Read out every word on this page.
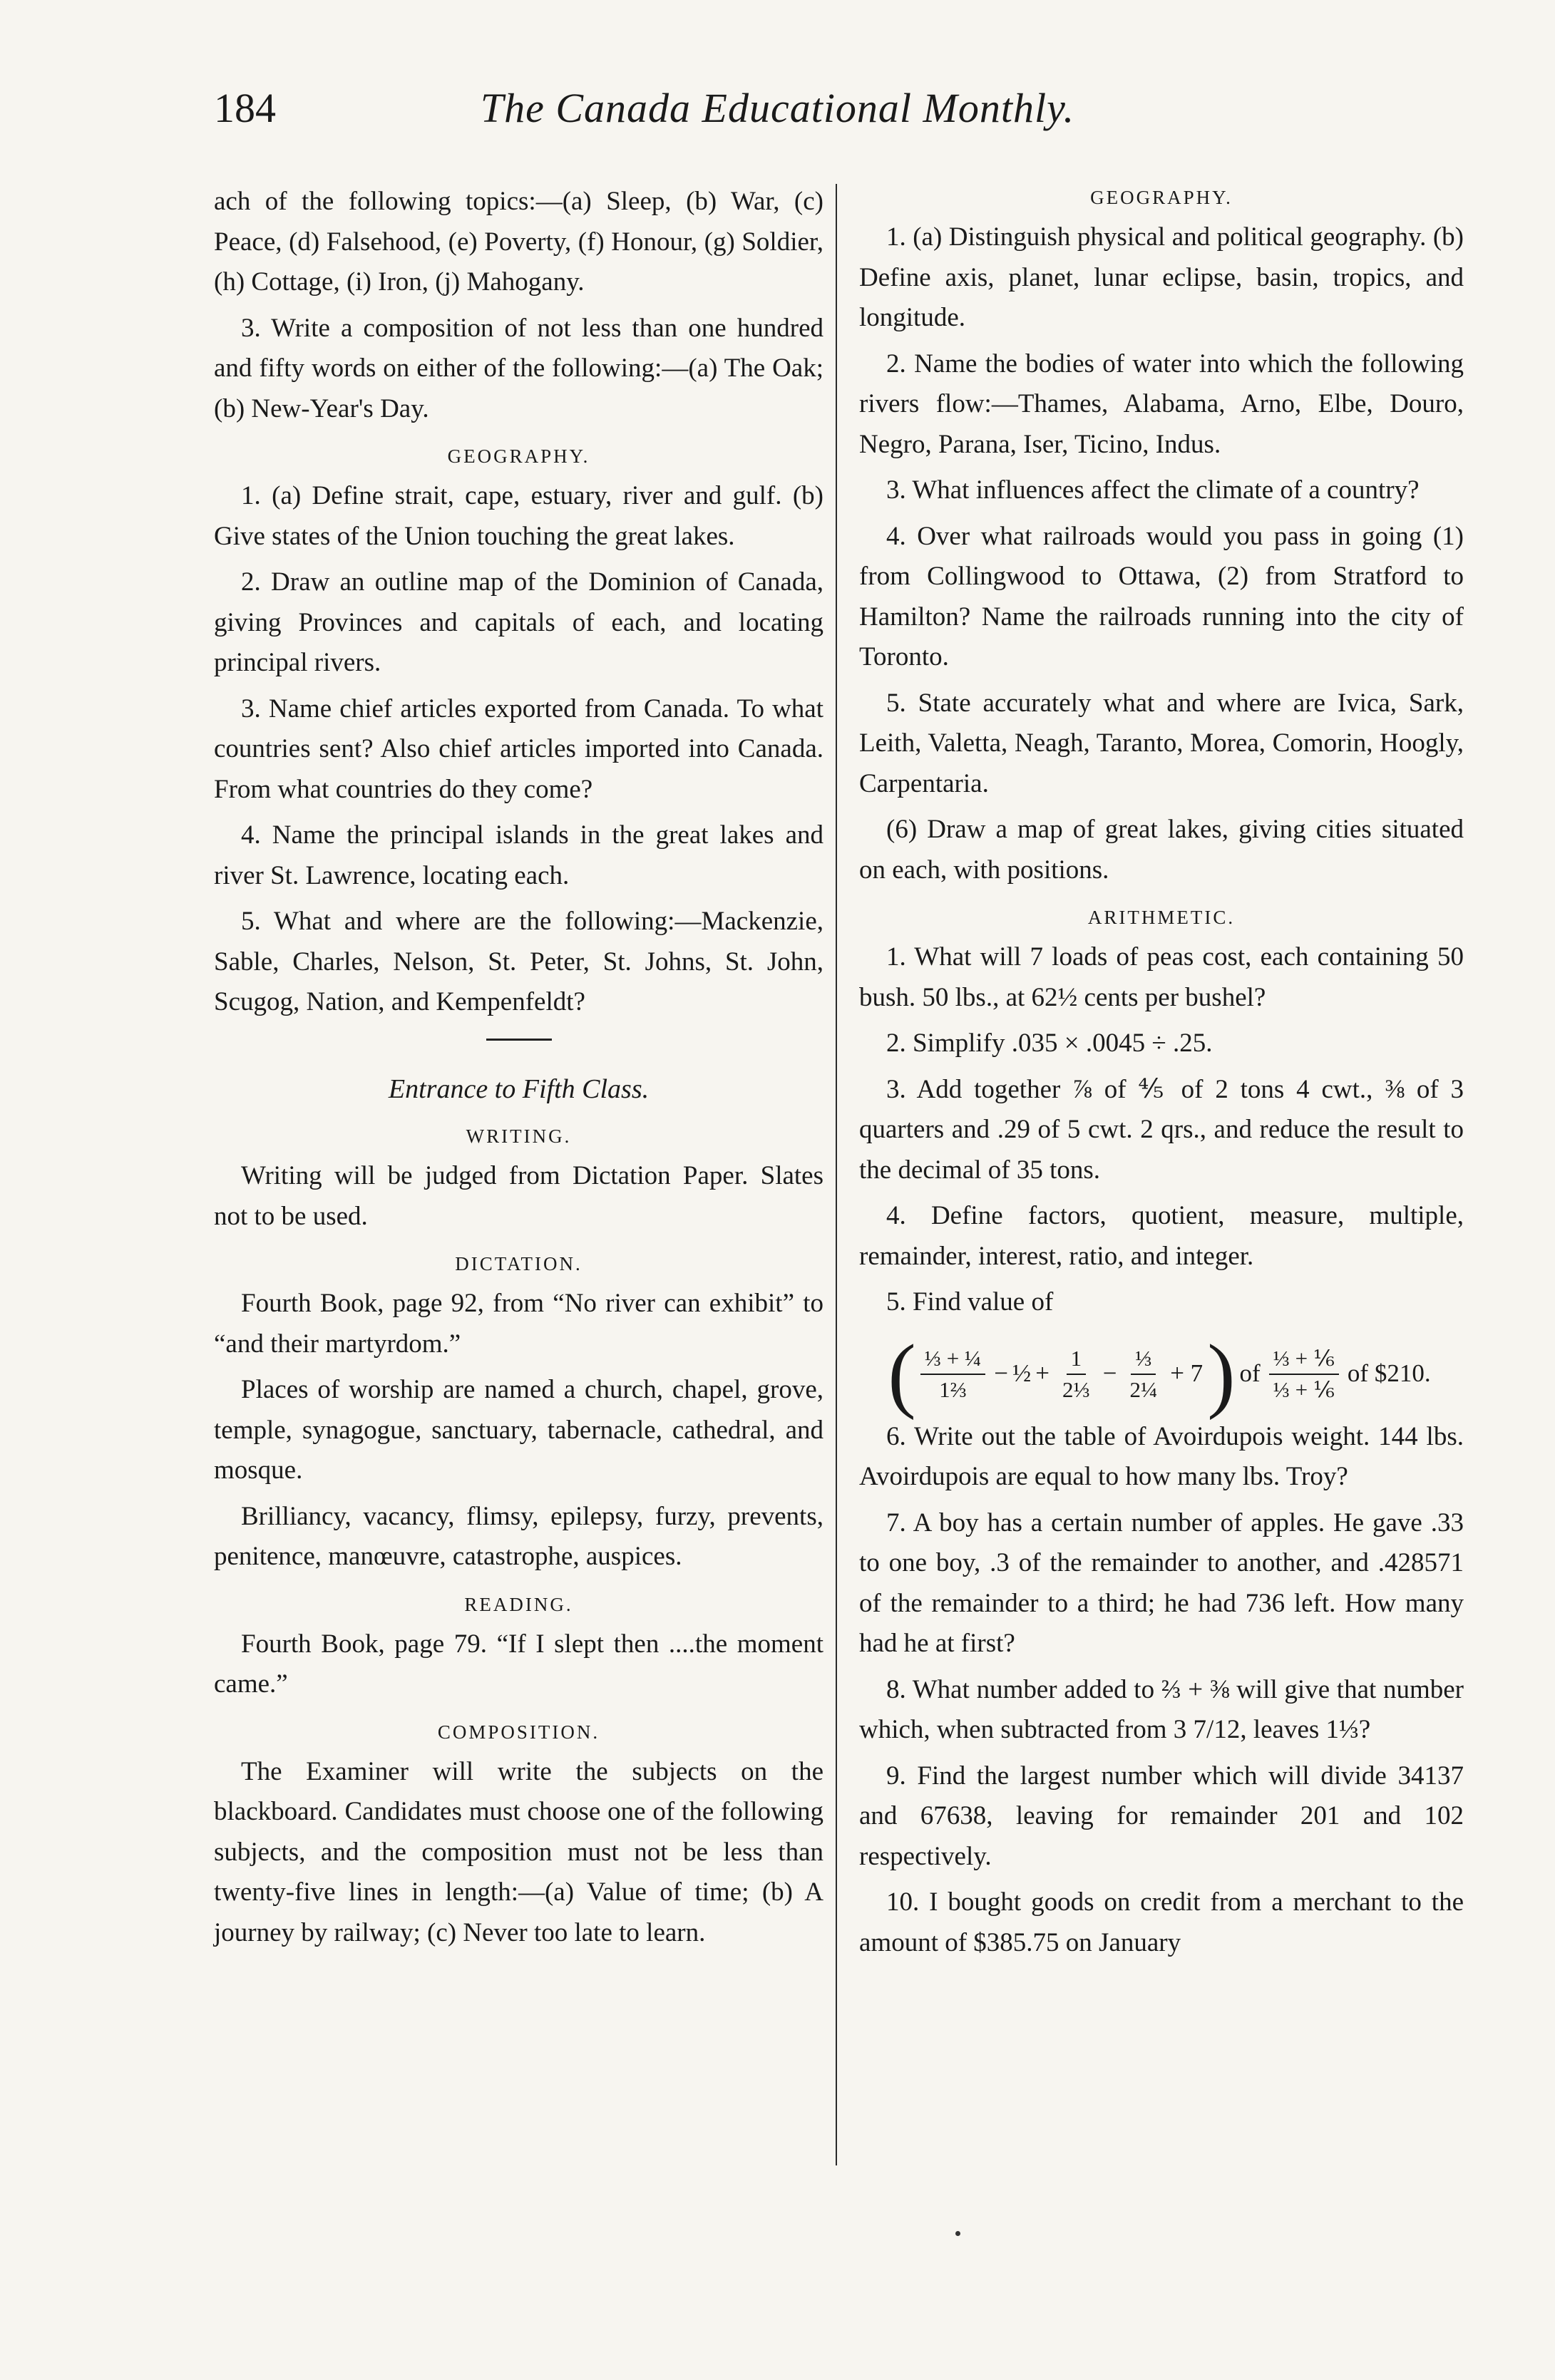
184	The Canada Educational Monthly.

ach of the following topics:—(a) Sleep, (b) War, (c) Peace, (d) Falsehood, (e) Poverty, (f) Honour, (g) Soldier, (h) Cottage, (i) Iron, (j) Mahogany.

3. Write a composition of not less than one hundred and fifty words on either of the following:—(a) The Oak; (b) New-Year's Day.

GEOGRAPHY.

1. (a) Define strait, cape, estuary, river and gulf. (b) Give states of the Union touching the great lakes.

2. Draw an outline map of the Dominion of Canada, giving Provinces and capitals of each, and locating principal rivers.

3. Name chief articles exported from Canada. To what countries sent? Also chief articles imported into Canada. From what countries do they come?

4. Name the principal islands in the great lakes and river St. Lawrence, locating each.

5. What and where are the following:—Mackenzie, Sable, Charles, Nelson, St. Peter, St. Johns, St. John, Scugog, Nation, and Kempenfeldt?

Entrance to Fifth Class.
WRITING.

Writing will be judged from Dictation Paper. Slates not to be used.

DICTATION.

Fourth Book, page 92, from “No river can exhibit” to “and their martyrdom.”

Places of worship are named a church, chapel, grove, temple, synagogue, sanctuary, tabernacle, cathedral, and mosque.

Brilliancy, vacancy, flimsy, epilepsy, furzy, prevents, penitence, manœuvre, catastrophe, auspices.

READING.

Fourth Book, page 79. “If I slept then ....the moment came.”

COMPOSITION.

The Examiner will write the subjects on the blackboard. Candidates must choose one of the following subjects, and the composition must not be less than twenty-five lines in length:—(a) Value of time; (b) A journey by railway; (c) Never too late to learn.

GEOGRAPHY.

1. (a) Distinguish physical and political geography. (b) Define axis, planet, lunar eclipse, basin, tropics, and longitude.

2. Name the bodies of water into which the following rivers flow:—Thames, Alabama, Arno, Elbe, Douro, Negro, Parana, Iser, Ticino, Indus.

3. What influences affect the climate of a country?

4. Over what railroads would you pass in going (1) from Collingwood to Ottawa, (2) from Stratford to Hamilton? Name the railroads running into the city of Toronto.

5. State accurately what and where are Ivica, Sark, Leith, Valetta, Neagh, Taranto, Morea, Comorin, Hoogly, Carpentaria.

(6) Draw a map of great lakes, giving cities situated on each, with positions.

ARITHMETIC.

1. What will 7 loads of peas cost, each containing 50 bush. 50 lbs., at 62½ cents per bushel?

2. Simplify .035 × .0045 ÷ .25.

3. Add together ⅞ of ⅘ of 2 tons 4 cwt., ⅜ of 3 quarters and .29 of 5 cwt. 2 qrs., and reduce the result to the decimal of 35 tons.

4. Define factors, quotient, measure, multiple, remainder, interest, ratio, and integer.

5. Find value of

( $\frac{\text{⅓ + ¼}}{\text{1⅔}}$ − ½ + $\frac{1}{\text{2⅓}} - \frac{\text{⅓}}{\text{2¼}} + 7$ ) of $\frac{\text{⅓ + ⅙}}{\text{⅓ + ⅙}}$ of $210.

6. Write out the table of Avoirdupois weight. 144 lbs. Avoirdupois are equal to how many lbs. Troy?

7. A boy has a certain number of apples. He gave .33 to one boy, .3 of the remainder to another, and .428571 of the remainder to a third; he had 736 left. How many had he at first?

8. What number added to ⅔ + ⅜ will give that number which, when subtracted from 3 7/12, leaves 1⅓?

9. Find the largest number which will divide 34137 and 67638, leaving for remainder 201 and 102 respectively.

10. I bought goods on credit from a merchant to the amount of $385.75 on January
